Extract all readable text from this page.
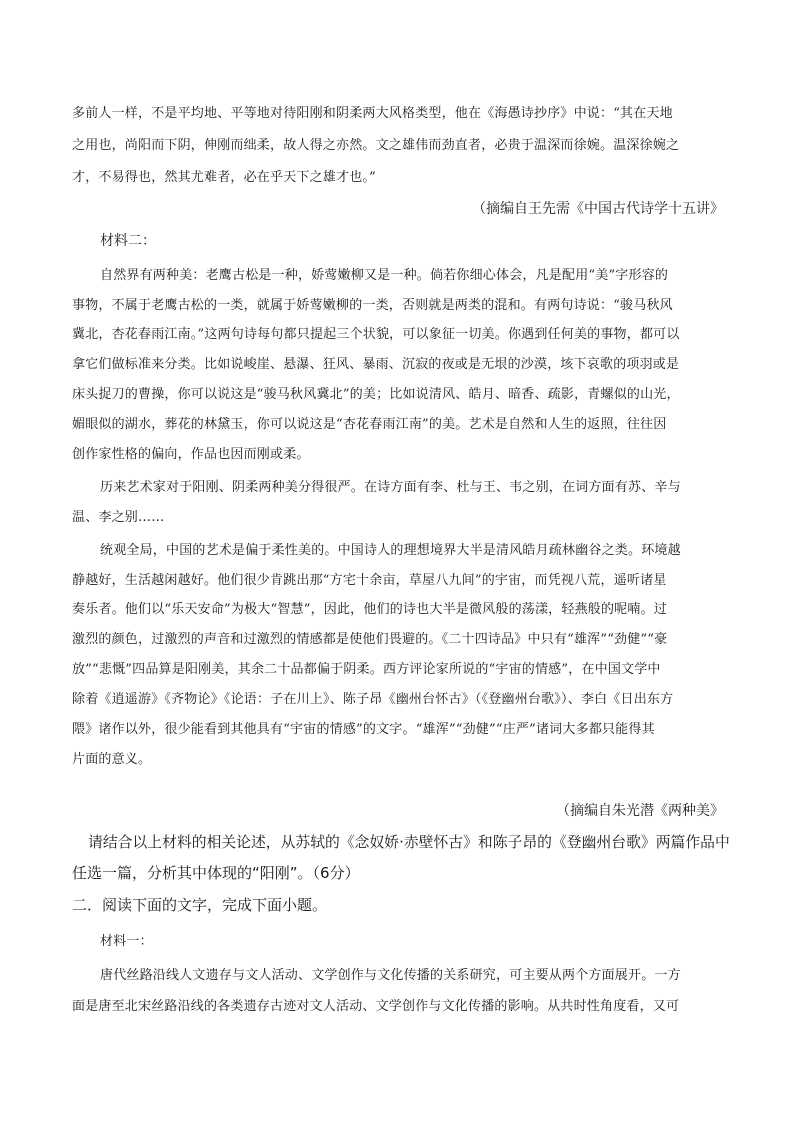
多前人一样，不是平均地、平等地对待阳刚和阴柔两大风格类型，他在《海愚诗抄序》中说：“其在天地
之用也，尚阳而下阴，伸刚而绌柔，故人得之亦然。文之雄伟而劲直者，必贵于温深而徐婉。温深徐婉之
才，不易得也，然其尤难者，必在乎天下之雄才也。”
（摘编自王先需《中国古代诗学十五讲》
材料二：
自然界有两种美：老鹰古松是一种，娇莺嫩柳又是一种。倘若你细心体会，凡是配用“美”字形容的
事物，不属于老鹰古松的一类，就属于娇莺嫩柳的一类，否则就是两类的混和。有两句诗说：“骏马秋风
冀北，杏花春雨江南。”这两句诗每句都只提起三个状貌，可以象征一切美。你遇到任何美的事物，都可以
拿它们做标准来分类。比如说峻崖、悬瀑、狂风、暴雨、沉寂的夜或是无垠的沙漠，垓下哀歌的项羽或是
床头捉刀的曹操，你可以说这是“骏马秋风冀北”的美；比如说清风、皓月、暗香、疏影，青螺似的山光，
媚眼似的湖水，葬花的林黛玉，你可以说这是“杏花春雨江南”的美。艺术是自然和人生的返照，往往因
创作家性格的偏向，作品也因而刚或柔。
历来艺术家对于阳刚、阴柔两种美分得很严。在诗方面有李、杜与王、韦之别，在词方面有苏、辛与
温、李之别……
统观全局，中国的艺术是偏于柔性美的。中国诗人的理想境界大半是清风皓月疏林幽谷之类。环境越
静越好，生活越闲越好。他们很少肯跳出那“方宅十余亩，草屋八九间”的宇宙，而凭视八荒，遥听诸星
奏乐者。他们以“乐天安命”为极大“智慧”，因此，他们的诗也大半是微风般的荡漾，轻燕般的呢喃。过
激烈的颜色，过激烈的声音和过激烈的情感都是使他们畏避的。《二十四诗品》中只有“雄浑”“劲健”“豪
放”“悲慨”四品算是阳刚美，其余二十品都偏于阴柔。西方评论家所说的“宇宙的情感”，在中国文学中
除着《逍遥游》《齐物论》《论语：子在川上》、陈子昂《幽州台怀古》（《登幽州台歌》）、李白《日出东方
隈》诸作以外，很少能看到其他具有“宇宙的情感”的文字。“雄浑”“劲健”“庄严”诸词大多都只能得其
片面的意义。
（摘编自朱光潜《两种美》
请结合以上材料的相关论述，从苏轼的《念奴娇·赤壁怀古》和陈子昂的《登幽州台歌》两篇作品中
任选一篇，分析其中体现的“阳刚”。（6分）
二．阅读下面的文字，完成下面小题。
材料一：
唐代丝路沿线人文遗存与文人活动、文学创作与文化传播的关系研究，可主要从两个方面展开。一方
面是唐至北宋丝路沿线的各类遗存古迹对文人活动、文学创作与文化传播的影响。从共时性角度看，又可
